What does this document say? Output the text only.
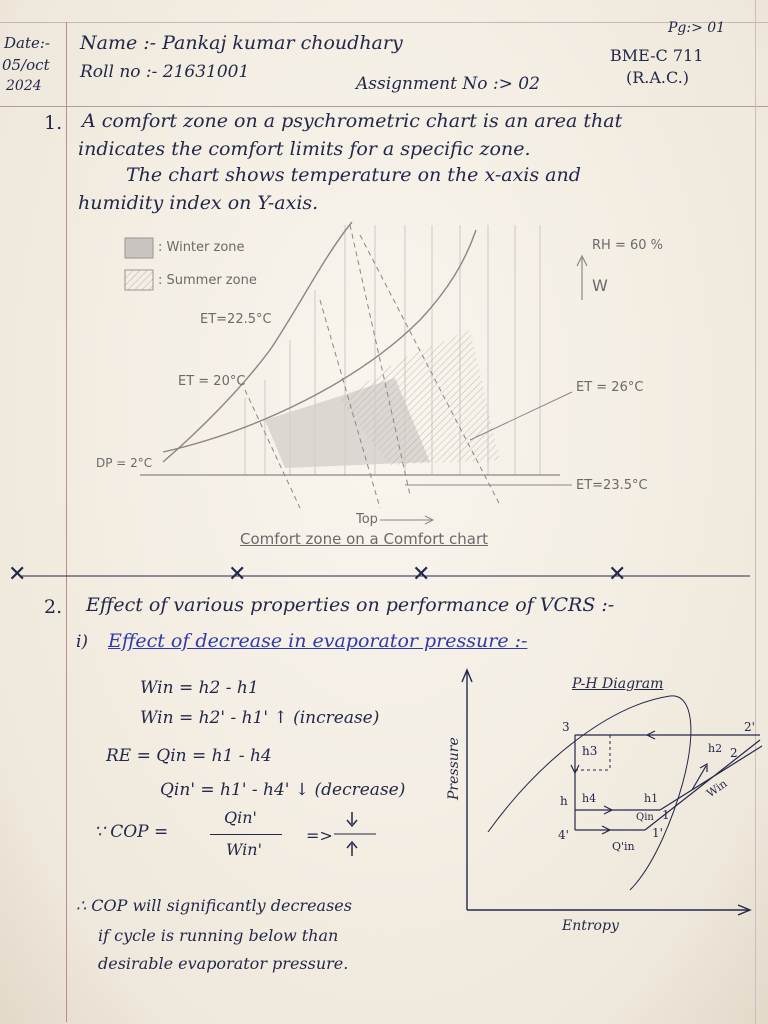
Date:-
05/oct
2024
Name :- Pankaj kumar choudhary
Roll no :- 21631001
Pg:> 01
BME-C 711
(R.A.C.)
Assignment No :> 02
1. A comfort zone on a psychrometric chart is an area that
indicates the comfort limits for a specific zone.
The chart shows temperature on the x-axis and
humidity index on Y-axis.
: Winter zone
: Summer zone
RH = 60 %
W
ET=22.5°C
ET = 20°C	ET = 26°C
DP = 2°C
ET=23.5°C
Top
Comfort zone on a Comfort chart
✕	✕	✕	✕
2. Effect of various properties on performance of VCRS :-
i) Effect of decrease in evaporator pressure :-
Win = h2 - h1
Win = h2' - h1' ↑ (increase)
RE = Qin = h1 - h4
Qin' = h1' - h4' ↓ (decrease)
∵ COP =
Qin'
Win'
=>
∴ COP will significantly decreases
if cycle is running below than
desirable evaporator pressure.
P-H Diagram
Pressure
Entropy
3	2'
2
h3
h4
h	h1
h2
4'
1
1'
Qin
Q'in
Win
